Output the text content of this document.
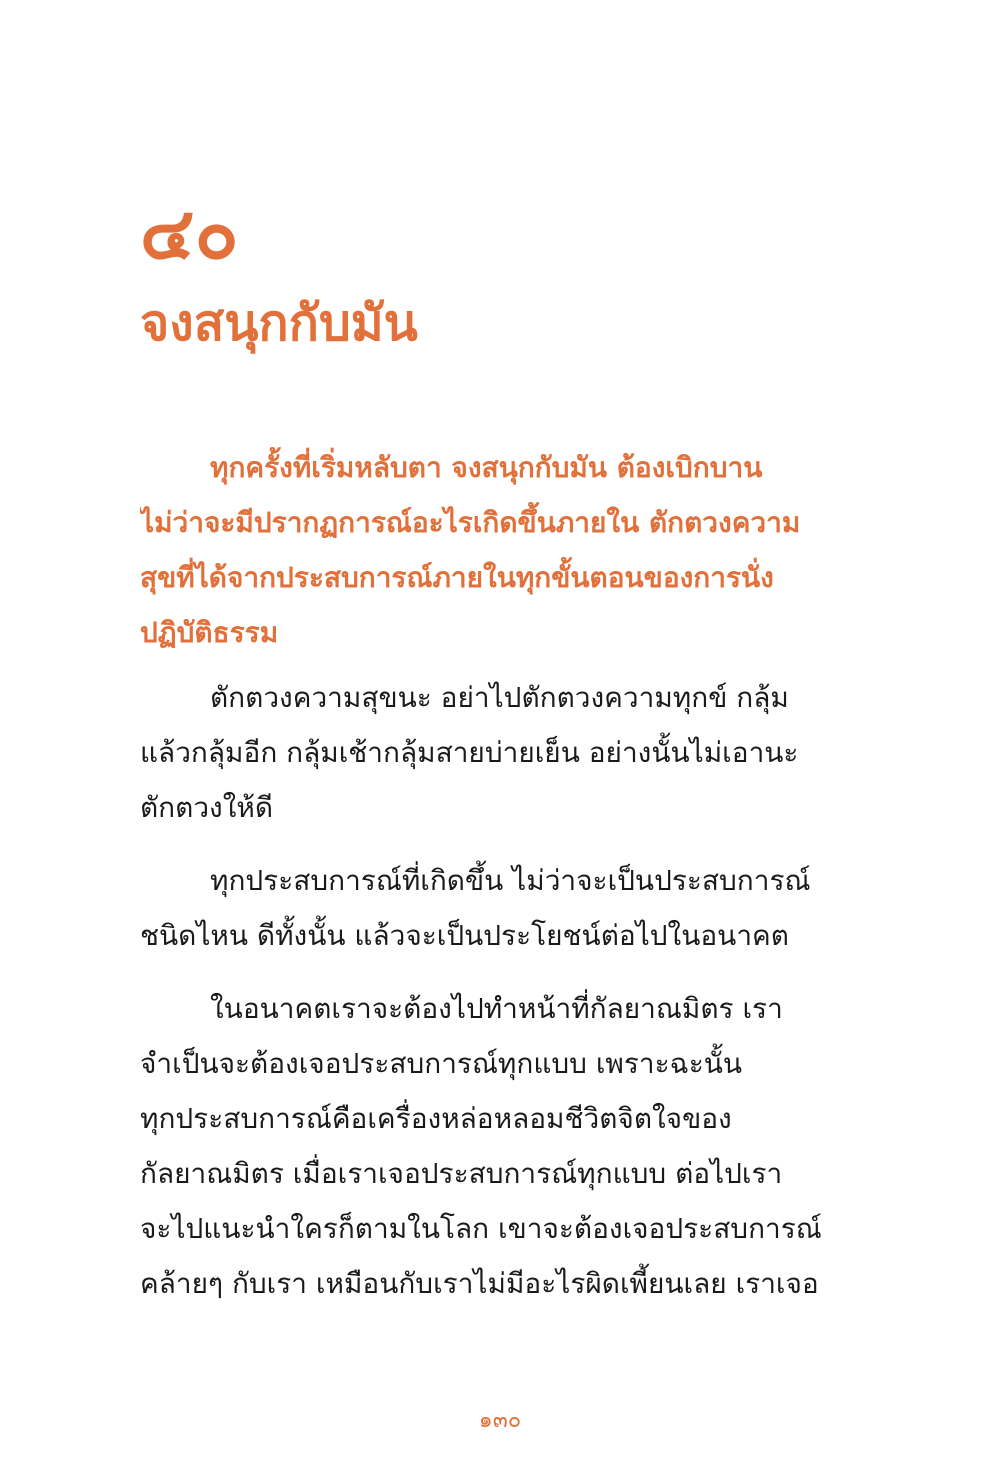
๔๐
จงสนุกกับมัน

ทุกครั้งที่เริ่มหลับตา จงสนุกกับมัน ต้องเบิกบาน
ไม่ว่าจะมีปรากฏการณ์อะไรเกิดขึ้นภายใน ตักตวงความ
สุขที่ได้จากประสบการณ์ภายในทุกขั้นตอนของการนั่ง
ปฏิบัติธรรม

ตักตวงความสุขนะ อย่าไปตักตวงความทุกข์ กลุ้ม
แล้วกลุ้มอีก กลุ้มเช้ากลุ้มสายบ่ายเย็น อย่างนั้นไม่เอานะ
ตักตวงให้ดี

ทุกประสบการณ์ที่เกิดขึ้น ไม่ว่าจะเป็นประสบการณ์
ชนิดไหน ดีทั้งนั้น แล้วจะเป็นประโยชน์ต่อไปในอนาคต

ในอนาคตเราจะต้องไปทำหน้าที่กัลยาณมิตร เรา
จำเป็นจะต้องเจอประสบการณ์ทุกแบบ เพราะฉะนั้น
ทุกประสบการณ์คือเครื่องหล่อหลอมชีวิตจิตใจของ
กัลยาณมิตร เมื่อเราเจอประสบการณ์ทุกแบบ ต่อไปเรา
จะไปแนะนำใครก็ตามในโลก เขาจะต้องเจอประสบการณ์
คล้ายๆ กับเรา เหมือนกับเราไม่มีอะไรผิดเพี้ยนเลย เราเจอ

๑๓๐
